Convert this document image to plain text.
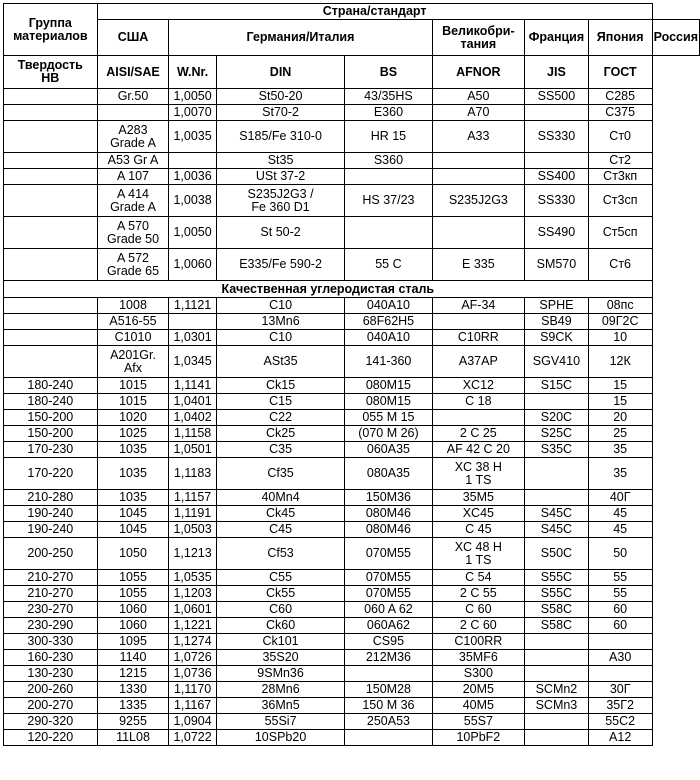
Группа
материалов	Страна/стандарт							

	США	Германия/Италия			Великобри-
тания	Франция	Япония	Россия

Твердость
НВ	AISI/SAE	W.Nr.	DIN	BS	AFNOR	JIS	ГОСТ	

	Gr.50	1,0050	St50-20	43/35HS	A50	SS500	C285	

		1,0070	St70-2	E360	A70		C375	

	A283
Grade A	1,0035	S185/Fe 310-0	HR 15	A33	SS330	Ст0	

	A53 Gr A		St35	S360			Ст2	

	A 107	1,0036	USt 37-2			SS400	Ст3кп	

	A 414
Grade A	1,0038	S235J2G3 /
Fe 360 D1	HS 37/23	S235J2G3	SS330	Ст3сп	

	A 570
Grade 50	1,0050	St 50-2			SS490	Ст5сп	

	A 572
Grade 65	1,0060	E335/Fe 590-2	55 C	E 335	SM570	Ст6	

Качественная углеродистая сталь								

	1008	1,1121	C10	040A10	AF-34	SPHE	08пс	

	A516-55		13Mn6	68F62H5		SB49	09Г2С	

	C1010	1,0301	C10	040A10	C10RR	S9CK	10	

	A201Gr.
Afx	1,0345	ASt35	141-360	A37AP	SGV410	12К	

180-240	1015	1,1141	Ck15	080M15	XC12	S15C	15	

180-240	1015	1,0401	C15	080M15	C 18		15	

150-200	1020	1,0402	C22	055 M 15		S20C	20	

150-200	1025	1,1158	Ck25	(070 M 26)	2 C 25	S25C	25	

170-230	1035	1,0501	C35	060A35	AF 42 C 20	S35C	35	

170-220	1035	1,1183	Cf35	080A35	XC 38 H
1 TS		35	

210-280	1035	1,1157	40Mn4	150M36	35M5		40Г	

190-240	1045	1,1191	Ck45	080M46	XC45	S45C	45	

190-240	1045	1,0503	C45	080M46	C 45	S45C	45	

200-250	1050	1,1213	Cf53	070M55	XC 48 H
1 TS	S50C	50	

210-270	1055	1,0535	C55	070M55	C 54	S55C	55	

210-270	1055	1,1203	Ck55	070M55	2 C 55	S55C	55	

230-270	1060	1,0601	C60	060 A 62	C 60	S58C	60	

230-290	1060	1,1221	Ck60	060A62	2 C 60	S58C	60	

300-330	1095	1,1274	Ck101	CS95	C100RR			

160-230	1140	1,0726	35S20	212M36	35MF6		A30	

130-230	1215	1,0736	9SMn36		S300			

200-260	1330	1,1170	28Mn6	150M28	20M5	SCMn2	30Г	

200-270	1335	1,1167	36Mn5	150 M 36	40M5	SCMn3	35Г2	

290-320	9255	1,0904	55Si7	250A53	55S7		55C2	

120-220	11L08	1,0722	10SPb20		10PbF2		A12	
